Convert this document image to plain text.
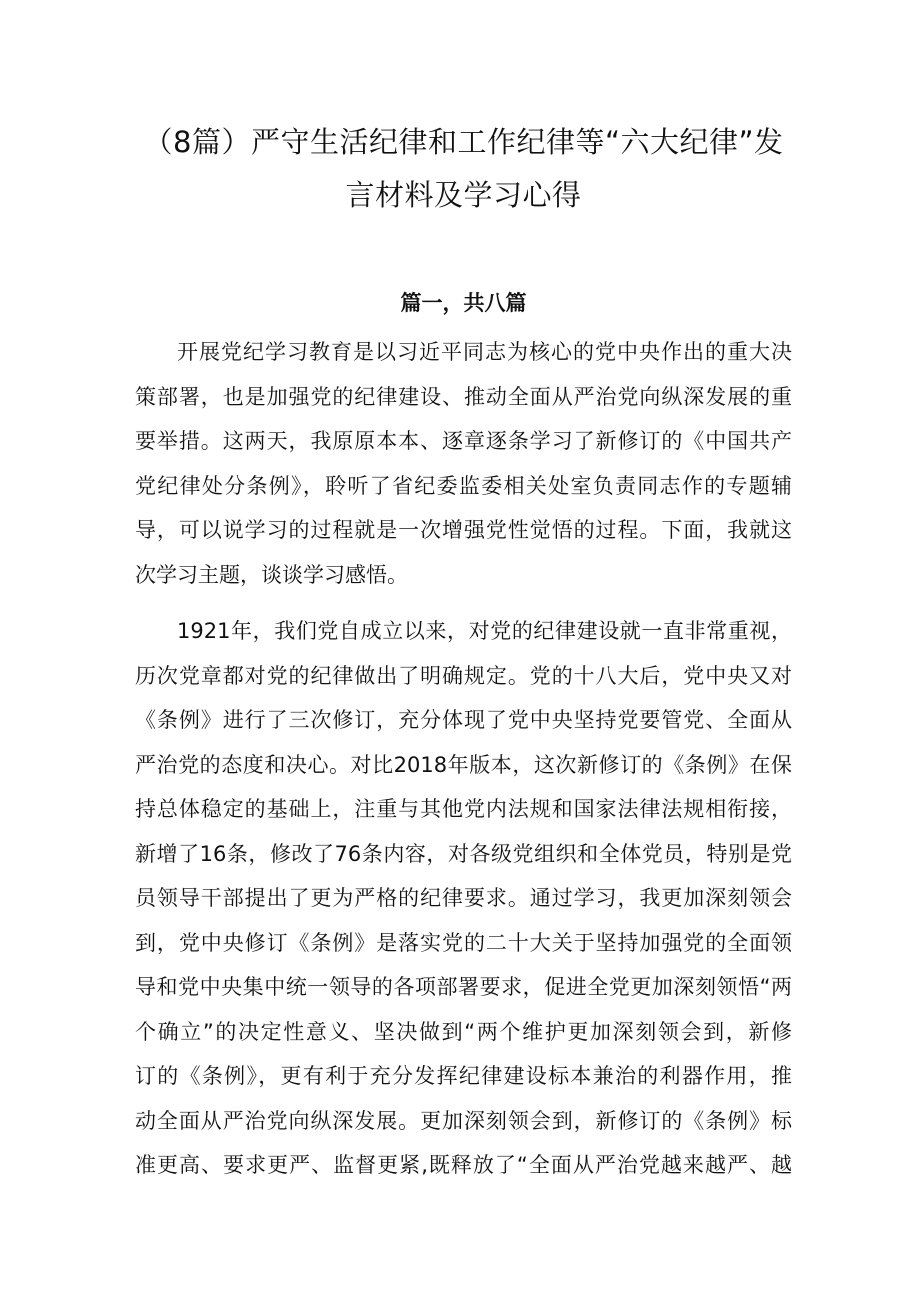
（8篇）严守生活纪律和工作纪律等“六大纪律”发
言材料及学习心得
篇一，共八篇

开展党纪学习教育是以习近平同志为核心的党中央作出的重大决
策部署，也是加强党的纪律建设、推动全面从严治党向纵深发展的重
要举措。这两天，我原原本本、逐章逐条学习了新修订的《中国共产
党纪律处分条例》，聆听了省纪委监委相关处室负责同志作的专题辅
导，可以说学习的过程就是一次增强党性觉悟的过程。下面，我就这
次学习主题，谈谈学习感悟。

1921年，我们党自成立以来，对党的纪律建设就一直非常重视，
历次党章都对党的纪律做出了明确规定。党的十八大后，党中央又对
《条例》进行了三次修订，充分体现了党中央坚持党要管党、全面从
严治党的态度和决心。对比2018年版本，这次新修订的《条例》在保
持总体稳定的基础上，注重与其他党内法规和国家法律法规相衔接，
新增了16条，修改了76条内容，对各级党组织和全体党员，特别是党
员领导干部提出了更为严格的纪律要求。通过学习，我更加深刻领会
到，党中央修订《条例》是落实党的二十大关于坚持加强党的全面领
导和党中央集中统一领导的各项部署要求，促进全党更加深刻领悟“两
个确立”的决定性意义、坚决做到“两个维护更加深刻领会到，新修
订的《条例》，更有利于充分发挥纪律建设标本兼治的利器作用，推
动全面从严治党向纵深发展。更加深刻领会到，新修订的《条例》标
准更高、要求更严、监督更紧,既释放了“全面从严治党越来越严、越
